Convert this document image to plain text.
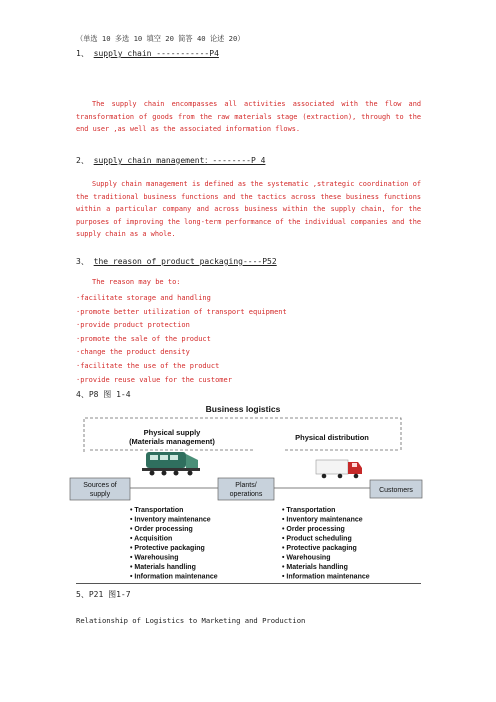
（单选 10 多选 10 填空 20 简答 40 论述 20）
1、 supply chain -----------P4
The supply chain encompasses all activities associated with the flow and transformation of goods from the raw materials stage (extraction), through to the end user ,as well as the associated information flows.
2、 supply chain management：--------P 4
Supply chain management is defined as the systematic ,strategic coordination of the traditional business functions and the tactics across these business functions within a particular company and across business within the supply chain, for the purposes of improving the long-term performance of the individual companies and the supply chain as a whole.
3、 the reason of product packaging----P52
The reason may be to:
·facilitate storage and handling
·promote better utilization of transport equipment
·provide product protection
·promote the sale of the product
·change the product density
·facilitate the use of the product
·provide reuse value for the customer
4、P8 图 1-4
Business logistics
Physical supply
(Materials management)	Physical distribution
Sources of
supply
Plants/
operations
Customers
• Transportation
• Inventory maintenance
• Order processing
• Acquisition
• Protective packaging
• Warehousing
• Materials handling
• Information maintenance
• Transportation
• Inventory maintenance
• Order processing
• Product scheduling
• Protective packaging
• Warehousing
• Materials handling
• Information maintenance
5、P21 图1-7
Relationship of Logistics to Marketing and Production
